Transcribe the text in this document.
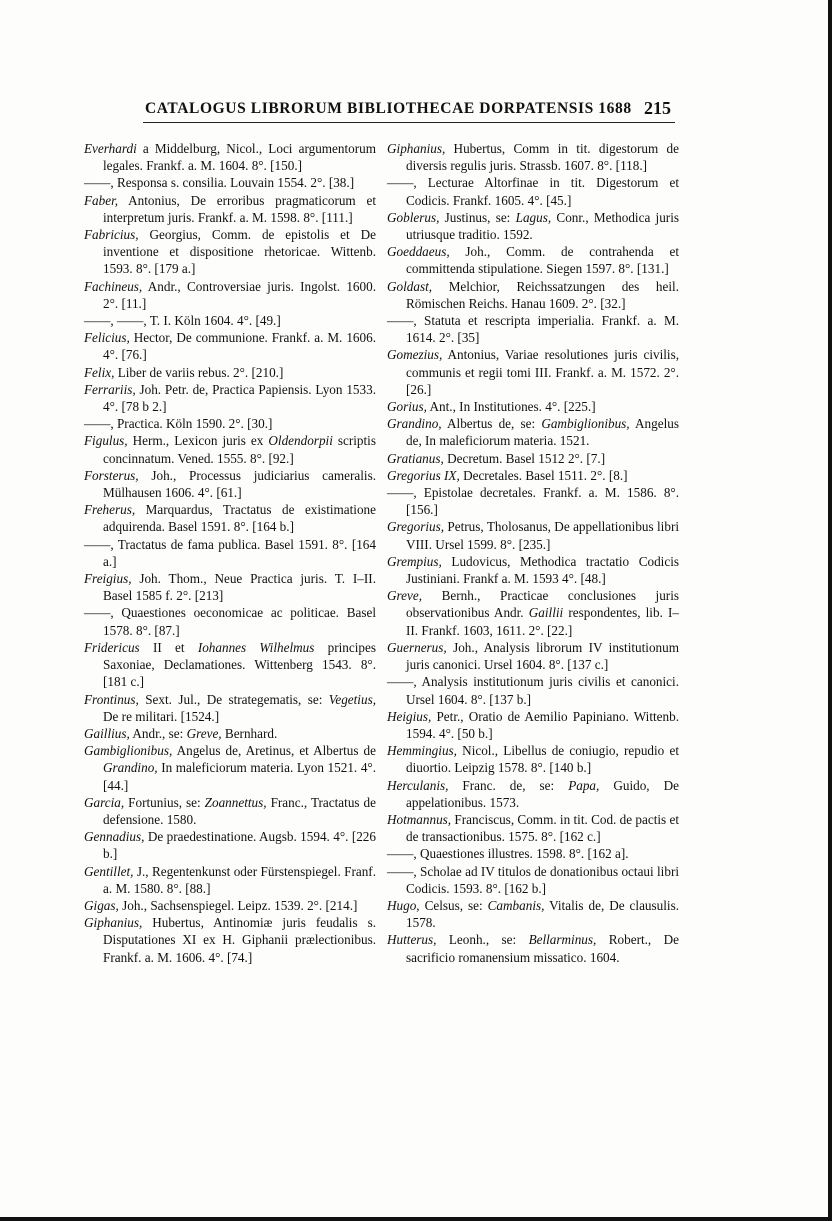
CATALOGUS LIBRORUM BIBLIOTHECAE DORPATENSIS 1688 215

Everhardi a Middelburg, Nicol., Loci argumentorum legales. Frankf. a. M. 1604. 8°. [150.]

——, Responsa s. consilia. Louvain 1554. 2°. [38.]

Faber, Antonius, De erroribus pragmaticorum et interpretum juris. Frankf. a. M. 1598. 8°. [111.]

Fabricius, Georgius, Comm. de epistolis et De inventione et dispositione rhetoricae. Wittenb. 1593. 8°. [179 a.]

Fachineus, Andr., Controversiae juris. Ingolst. 1600. 2°. [11.]

——, ——, T. I. Köln 1604. 4°. [49.]

Felicius, Hector, De communione. Frankf. a. M. 1606. 4°. [76.]

Felix, Liber de variis rebus. 2°. [210.]

Ferrariis, Joh. Petr. de, Practica Papiensis. Lyon 1533. 4°. [78 b 2.]

——, Practica. Köln 1590. 2°. [30.]

Figulus, Herm., Lexicon juris ex Oldendorpii scriptis concinnatum. Vened. 1555. 8°. [92.]

Forsterus, Joh., Processus judiciarius cameralis. Mülhausen 1606. 4°. [61.]

Freherus, Marquardus, Tractatus de existimatione adquirenda. Basel 1591. 8°. [164 b.]

——, Tractatus de fama publica. Basel 1591. 8°. [164 a.]

Freigius, Joh. Thom., Neue Practica juris. T. I–II. Basel 1585 f. 2°. [213]

——, Quaestiones oeconomicae ac politicae. Basel 1578. 8°. [87.]

Fridericus II et Iohannes Wilhelmus principes Saxoniae, Declamationes. Wittenberg 1543. 8°. [181 c.]

Frontinus, Sext. Jul., De strategematis, se: Vegetius, De re militari. [1524.]

Gaillius, Andr., se: Greve, Bernhard.

Gambiglionibus, Angelus de, Aretinus, et Albertus de Grandino, In maleficiorum materia. Lyon 1521. 4°. [44.]

Garcia, Fortunius, se: Zoannettus, Franc., Tractatus de defensione. 1580.

Gennadius, De praedestinatione. Augsb. 1594. 4°. [226 b.]

Gentillet, J., Regentenkunst oder Fürstenspiegel. Franf. a. M. 1580. 8°. [88.]

Gigas, Joh., Sachsenspiegel. Leipz. 1539. 2°. [214.]

Giphanius, Hubertus, Antinomiæ juris feudalis s. Disputationes XI ex H. Giphanii prælectionibus. Frankf. a. M. 1606. 4°. [74.]

Giphanius, Hubertus, Comm in tit. digestorum de diversis regulis juris. Strassb. 1607. 8°. [118.]

——, Lecturae Altorfinae in tit. Digestorum et Codicis. Frankf. 1605. 4°. [45.]

Goblerus, Justinus, se: Lagus, Conr., Methodica juris utriusque traditio. 1592.

Goeddaeus, Joh., Comm. de contrahenda et committenda stipulatione. Siegen 1597. 8°. [131.]

Goldast, Melchior, Reichssatzungen des heil. Römischen Reichs. Hanau 1609. 2°. [32.]

——, Statuta et rescripta imperialia. Frankf. a. M. 1614. 2°. [35]

Gomezius, Antonius, Variae resolutiones juris civilis, communis et regii tomi III. Frankf. a. M. 1572. 2°. [26.]

Gorius, Ant., In Institutiones. 4°. [225.]

Grandino, Albertus de, se: Gambiglionibus, Angelus de, In maleficiorum materia. 1521.

Gratianus, Decretum. Basel 1512 2°. [7.]

Gregorius IX, Decretales. Basel 1511. 2°. [8.]

——, Epistolae decretales. Frankf. a. M. 1586. 8°. [156.]

Gregorius, Petrus, Tholosanus, De appellationibus libri VIII. Ursel 1599. 8°. [235.]

Grempius, Ludovicus, Methodica tractatio Codicis Justiniani. Frankf a. M. 1593 4°. [48.]

Greve, Bernh., Practicae conclusiones juris observationibus Andr. Gaillii respondentes, lib. I–II. Frankf. 1603, 1611. 2°. [22.]

Guernerus, Joh., Analysis librorum IV institutionum juris canonici. Ursel 1604. 8°. [137 c.]

——, Analysis institutionum juris civilis et canonici. Ursel 1604. 8°. [137 b.]

Heigius, Petr., Oratio de Aemilio Papiniano. Wittenb. 1594. 4°. [50 b.]

Hemmingius, Nicol., Libellus de coniugio, repudio et diuortio. Leipzig 1578. 8°. [140 b.]

Herculanis, Franc. de, se: Papa, Guido, De appelationibus. 1573.

Hotmannus, Franciscus, Comm. in tit. Cod. de pactis et de transactionibus. 1575. 8°. [162 c.]

——, Quaestiones illustres. 1598. 8°. [162 a].

——, Scholae ad IV titulos de donationibus octaui libri Codicis. 1593. 8°. [162 b.]

Hugo, Celsus, se: Cambanis, Vitalis de, De clausulis. 1578.

Hutterus, Leonh., se: Bellarminus, Robert., De sacrificio romanensium missatico. 1604.
